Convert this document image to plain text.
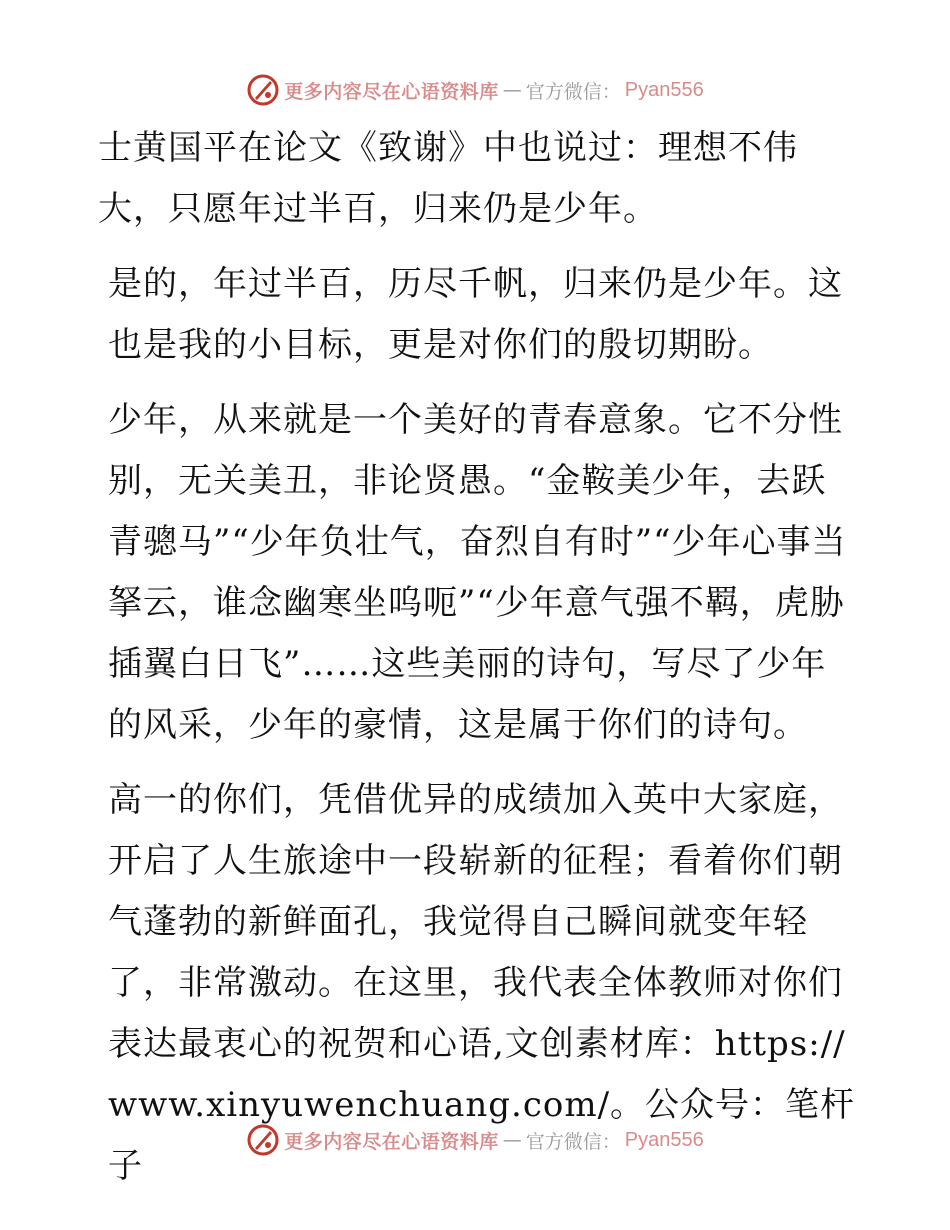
更多内容尽在心语资料库 — 官方微信： Pyan556

士黄国平在论文《致谢》中也说过：理想不伟大，只愿年过半百，归来仍是少年。

是的，年过半百，历尽千帆，归来仍是少年。这也是我的小目标，更是对你们的殷切期盼。

少年，从来就是一个美好的青春意象。它不分性别，无关美丑，非论贤愚。“金鞍美少年，去跃青骢马”“少年负壮气，奋烈自有时”“少年心事当拏云，谁念幽寒坐呜呃”“少年意气强不羁，虎胁插翼白日飞”……这些美丽的诗句，写尽了少年的风采，少年的豪情，这是属于你们的诗句。

高一的你们，凭借优异的成绩加入英中大家庭，开启了人生旅途中一段崭新的征程；看着你们朝气蓬勃的新鲜面孔，我觉得自己瞬间就变年轻了，非常激动。在这里，我代表全体教师对你们表达最衷心的祝贺和心语,文创素材库：https://www.xinyuwenchuang.com/。公众号：笔杆子

更多内容尽在心语资料库 — 官方微信： Pyan556
